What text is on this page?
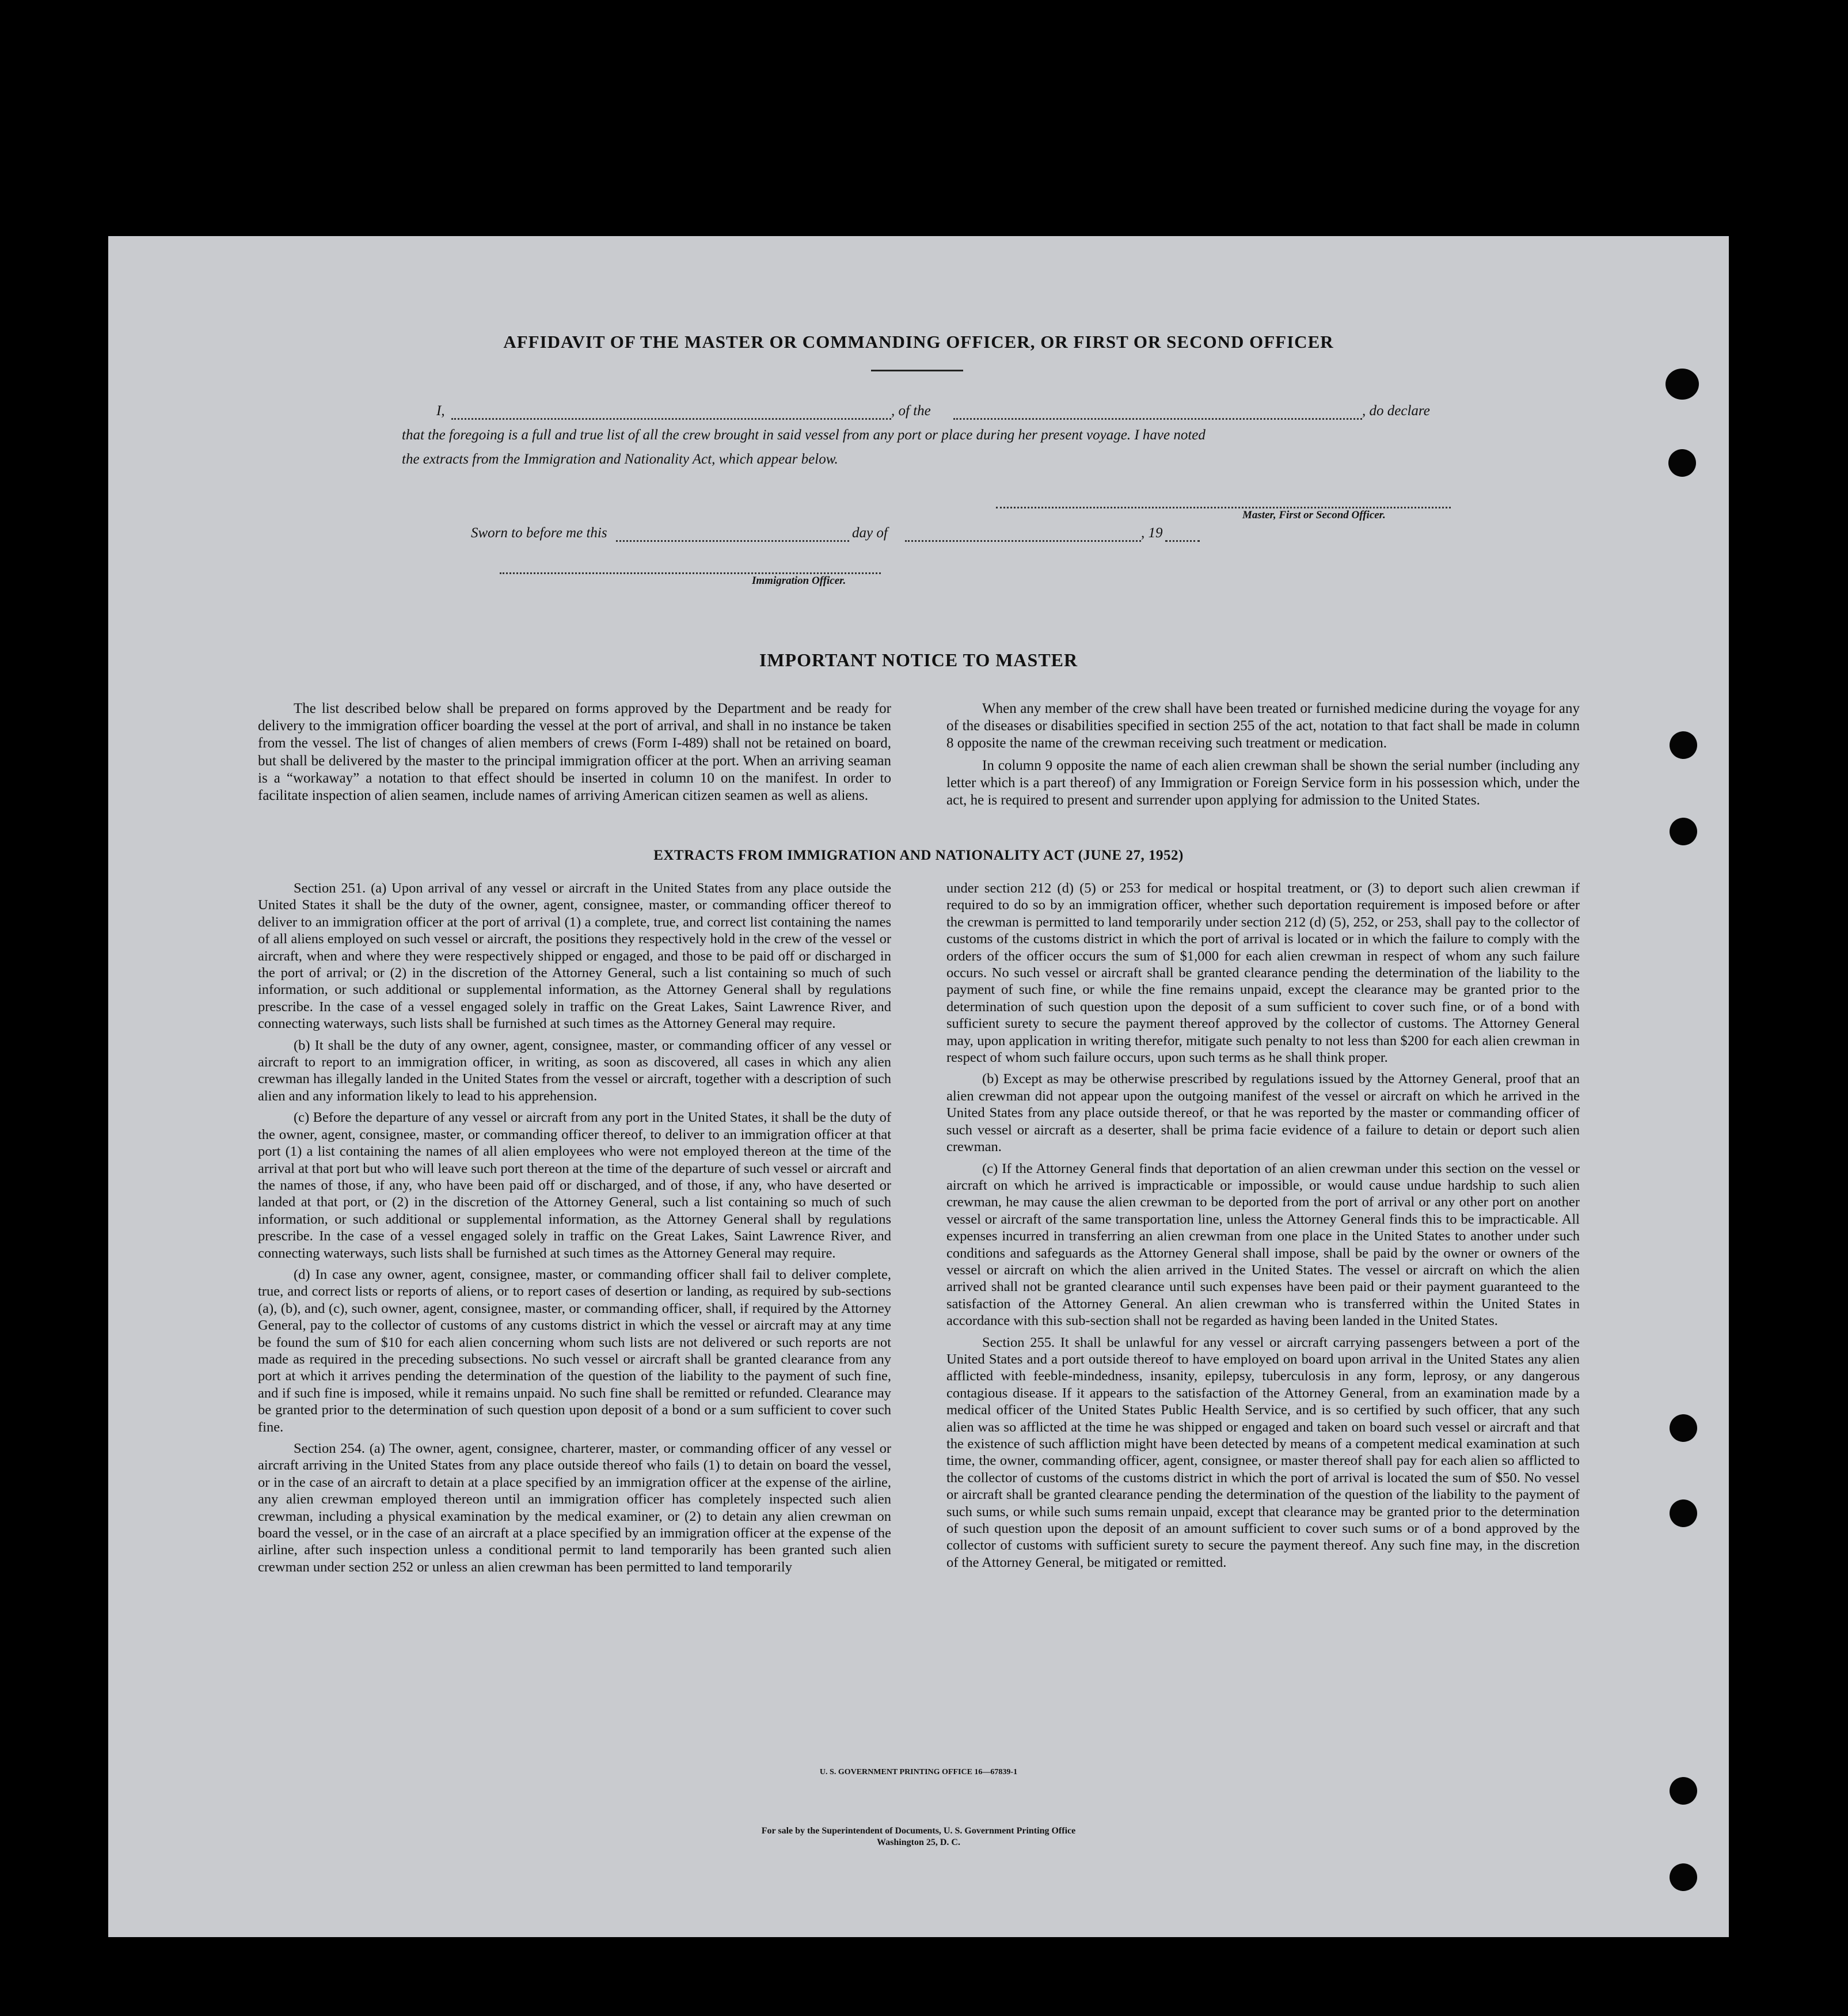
AFFIDAVIT OF THE MASTER OR COMMANDING OFFICER, OR FIRST OR SECOND OFFICER
I,	, of the	, do declare
that the foregoing is a full and true list of all the crew brought in said vessel from any port or place during her present voyage. I have noted
the extracts from the Immigration and Nationality Act, which appear below.
Master, First or Second Officer.
Sworn to before me this	day of	, 19
Immigration Officer.
IMPORTANT NOTICE TO MASTER

The list described below shall be prepared on forms approved by the Department and be ready for delivery to the immigration officer boarding the vessel at the port of arrival, and shall in no instance be taken from the vessel. The list of changes of alien members of crews (Form I-489) shall not be retained on board, but shall be delivered by the master to the principal immigration officer at the port. When an arriving seaman is a “workaway” a notation to that effect should be inserted in column 10 on the manifest. In order to facilitate inspection of alien seamen, include names of arriving American citizen seamen as well as aliens.

When any member of the crew shall have been treated or furnished medicine during the voyage for any of the diseases or disabilities specified in section 255 of the act, notation to that fact shall be made in column 8 opposite the name of the crewman receiving such treatment or medication.

In column 9 opposite the name of each alien crewman shall be shown the serial number (including any letter which is a part thereof) of any Immigration or Foreign Service form in his possession which, under the act, he is required to present and surrender upon applying for admission to the United States.

EXTRACTS FROM IMMIGRATION AND NATIONALITY ACT (JUNE 27, 1952)

Section 251. (a) Upon arrival of any vessel or aircraft in the United States from any place outside the United States it shall be the duty of the owner, agent, consignee, master, or commanding officer thereof to deliver to an immigration officer at the port of arrival (1) a complete, true, and correct list containing the names of all aliens employed on such vessel or aircraft, the positions they respectively hold in the crew of the vessel or aircraft, when and where they were respectively shipped or engaged, and those to be paid off or discharged in the port of arrival; or (2) in the discretion of the Attorney General, such a list containing so much of such information, or such additional or supplemental information, as the Attorney General shall by regulations prescribe. In the case of a vessel engaged solely in traffic on the Great Lakes, Saint Lawrence River, and connecting waterways, such lists shall be furnished at such times as the Attorney General may require.

(b) It shall be the duty of any owner, agent, consignee, master, or commanding officer of any vessel or aircraft to report to an immigration officer, in writing, as soon as discovered, all cases in which any alien crewman has illegally landed in the United States from the vessel or aircraft, together with a description of such alien and any information likely to lead to his apprehension.

(c) Before the departure of any vessel or aircraft from any port in the United States, it shall be the duty of the owner, agent, consignee, master, or commanding officer thereof, to deliver to an immigration officer at that port (1) a list containing the names of all alien employees who were not employed thereon at the time of the arrival at that port but who will leave such port thereon at the time of the departure of such vessel or aircraft and the names of those, if any, who have been paid off or discharged, and of those, if any, who have deserted or landed at that port, or (2) in the discretion of the Attorney General, such a list containing so much of such information, or such additional or supplemental information, as the Attorney General shall by regulations prescribe. In the case of a vessel engaged solely in traffic on the Great Lakes, Saint Lawrence River, and connecting waterways, such lists shall be furnished at such times as the Attorney General may require.

(d) In case any owner, agent, consignee, master, or commanding officer shall fail to deliver complete, true, and correct lists or reports of aliens, or to report cases of desertion or landing, as required by sub-sections (a), (b), and (c), such owner, agent, consignee, master, or commanding officer, shall, if required by the Attorney General, pay to the collector of customs of any customs district in which the vessel or aircraft may at any time be found the sum of $10 for each alien concerning whom such lists are not delivered or such reports are not made as required in the preceding subsections. No such vessel or aircraft shall be granted clearance from any port at which it arrives pending the determination of the question of the liability to the payment of such fine, and if such fine is imposed, while it remains unpaid. No such fine shall be remitted or refunded. Clearance may be granted prior to the determination of such question upon deposit of a bond or a sum sufficient to cover such fine.

Section 254. (a) The owner, agent, consignee, charterer, master, or commanding officer of any vessel or aircraft arriving in the United States from any place outside thereof who fails (1) to detain on board the vessel, or in the case of an aircraft to detain at a place specified by an immigration officer at the expense of the airline, any alien crewman employed thereon until an immigration officer has completely inspected such alien crewman, including a physical examination by the medical examiner, or (2) to detain any alien crewman on board the vessel, or in the case of an aircraft at a place specified by an immigration officer at the expense of the airline, after such inspection unless a conditional permit to land temporarily has been granted such alien crewman under section 252 or unless an alien crewman has been permitted to land temporarily

under section 212 (d) (5) or 253 for medical or hospital treatment, or (3) to deport such alien crewman if required to do so by an immigration officer, whether such deportation requirement is imposed before or after the crewman is permitted to land temporarily under section 212 (d) (5), 252, or 253, shall pay to the collector of customs of the customs district in which the port of arrival is located or in which the failure to comply with the orders of the officer occurs the sum of $1,000 for each alien crewman in respect of whom any such failure occurs. No such vessel or aircraft shall be granted clearance pending the determination of the liability to the payment of such fine, or while the fine remains unpaid, except the clearance may be granted prior to the determination of such question upon the deposit of a sum sufficient to cover such fine, or of a bond with sufficient surety to secure the payment thereof approved by the collector of customs. The Attorney General may, upon application in writing therefor, mitigate such penalty to not less than $200 for each alien crewman in respect of whom such failure occurs, upon such terms as he shall think proper.

(b) Except as may be otherwise prescribed by regulations issued by the Attorney General, proof that an alien crewman did not appear upon the outgoing manifest of the vessel or aircraft on which he arrived in the United States from any place outside thereof, or that he was reported by the master or commanding officer of such vessel or aircraft as a deserter, shall be prima facie evidence of a failure to detain or deport such alien crewman.

(c) If the Attorney General finds that deportation of an alien crewman under this section on the vessel or aircraft on which he arrived is impracticable or impossible, or would cause undue hardship to such alien crewman, he may cause the alien crewman to be deported from the port of arrival or any other port on another vessel or aircraft of the same transportation line, unless the Attorney General finds this to be impracticable. All expenses incurred in transferring an alien crewman from one place in the United States to another under such conditions and safeguards as the Attorney General shall impose, shall be paid by the owner or owners of the vessel or aircraft on which the alien arrived in the United States. The vessel or aircraft on which the alien arrived shall not be granted clearance until such expenses have been paid or their payment guaranteed to the satisfaction of the Attorney General. An alien crewman who is transferred within the United States in accordance with this sub-section shall not be regarded as having been landed in the United States.

Section 255. It shall be unlawful for any vessel or aircraft carrying passengers between a port of the United States and a port outside thereof to have employed on board upon arrival in the United States any alien afflicted with feeble-mindedness, insanity, epilepsy, tuberculosis in any form, leprosy, or any dangerous contagious disease. If it appears to the satisfaction of the Attorney General, from an examination made by a medical officer of the United States Public Health Service, and is so certified by such officer, that any such alien was so afflicted at the time he was shipped or engaged and taken on board such vessel or aircraft and that the existence of such affliction might have been detected by means of a competent medical examination at such time, the owner, commanding officer, agent, consignee, or master thereof shall pay for each alien so afflicted to the collector of customs of the customs district in which the port of arrival is located the sum of $50. No vessel or aircraft shall be granted clearance pending the determination of the question of the liability to the payment of such sums, or while such sums remain unpaid, except that clearance may be granted prior to the determination of such question upon the deposit of an amount sufficient to cover such sums or of a bond approved by the collector of customs with sufficient surety to secure the payment thereof. Any such fine may, in the discretion of the Attorney General, be mitigated or remitted.

U. S. GOVERNMENT PRINTING OFFICE 16—67839-1
For sale by the Superintendent of Documents, U. S. Government Printing Office
Washington 25, D. C.
